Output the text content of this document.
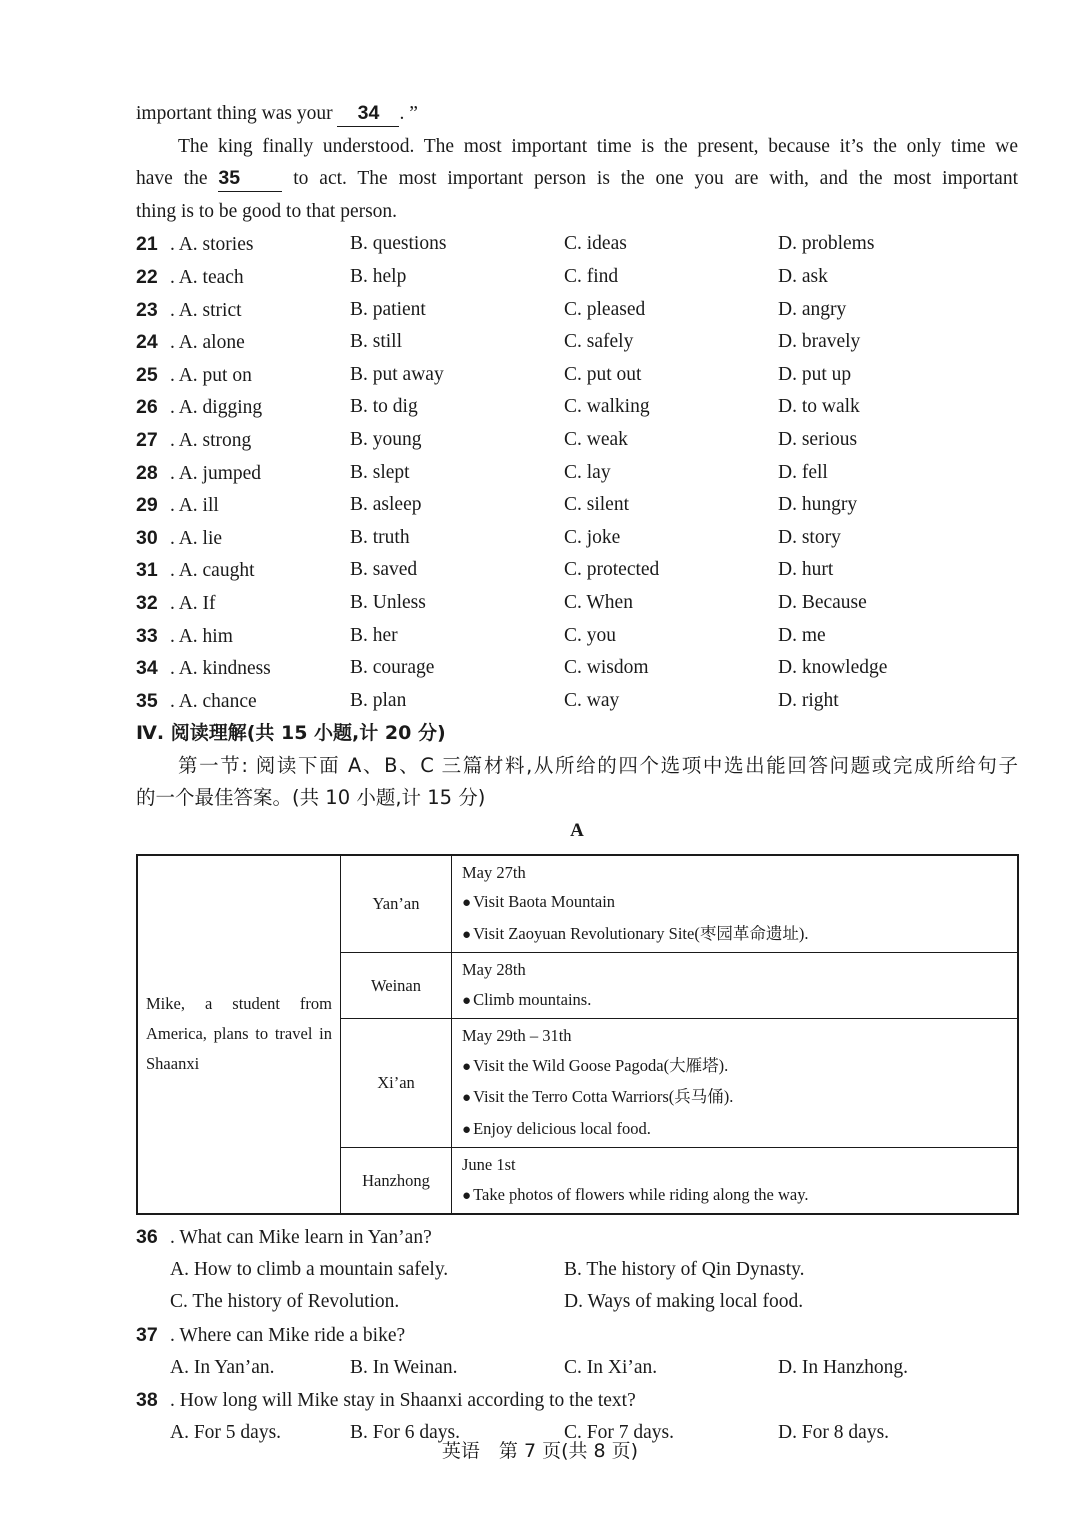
important thing was your 34 . ”
The king finally understood. The most important time is the present, because it’s the only time we
have the 35	to act. The most important person is the one you are with, and the most important
thing is to be good to that person.
21 . A. stories	B. questions	C. ideas	D. problems
22 . A. teach	B. help	C. find	D. ask
23 . A. strict	B. patient	C. pleased	D. angry
24 . A. alone	B. still	C. safely	D. bravely
25 . A. put on	B. put away	C. put out	D. put up
26 . A. digging	B. to dig	C. walking	D. to walk
27 . A. strong	B. young	C. weak	D. serious
28 . A. jumped	B. slept	C. lay	D. fell
29 . A. ill	B. asleep	C. silent	D. hungry
30 . A. lie	B. truth	C. joke	D. story
31 . A. caught	B. saved	C. protected	D. hurt
32 . A. If	B. Unless	C. When	D. Because
33 . A. him	B. her	C. you	D. me
34 . A. kindness	B. courage	C. wisdom	D. knowledge
35 . A. chance	B. plan	C. way	D. right
Ⅳ. 阅读理解(共 15 小题,计 20 分)
第一节: 阅读下面 A、B、C 三篇材料,从所给的四个选项中选出能回答问题或完成所给句子
的一个最佳答案。(共 10 小题,计 15 分)
A
Mike, a student from America, plans to travel in Shaanxi	Yan’an	May 27th
● Visit Baota Mountain
● Visit Zaoyuan Revolutionary Site(枣园革命遗址).

	Weinan	May 28th
● Climb mountains.

	Xi’an	May 29th – 31th
● Visit the Wild Goose Pagoda(大雁塔).
● Visit the Terro Cotta Warriors(兵马俑).
● Enjoy delicious local food.

	Hanzhong	June 1st
● Take photos of flowers while riding along the way.
36 . What can Mike learn in Yan’an?
A. How to climb a mountain safely.	B. The history of Qin Dynasty.
C. The history of Revolution.	D. Ways of making local food.
37 . Where can Mike ride a bike?
A. In Yan’an.	B. In Weinan.	C. In Xi’an.	D. In Hanzhong.
38 . How long will Mike stay in Shaanxi according to the text?
A. For 5 days.	B. For 6 days.	C. For 7 days.	D. For 8 days.
英语　第 7 页(共 8 页)
